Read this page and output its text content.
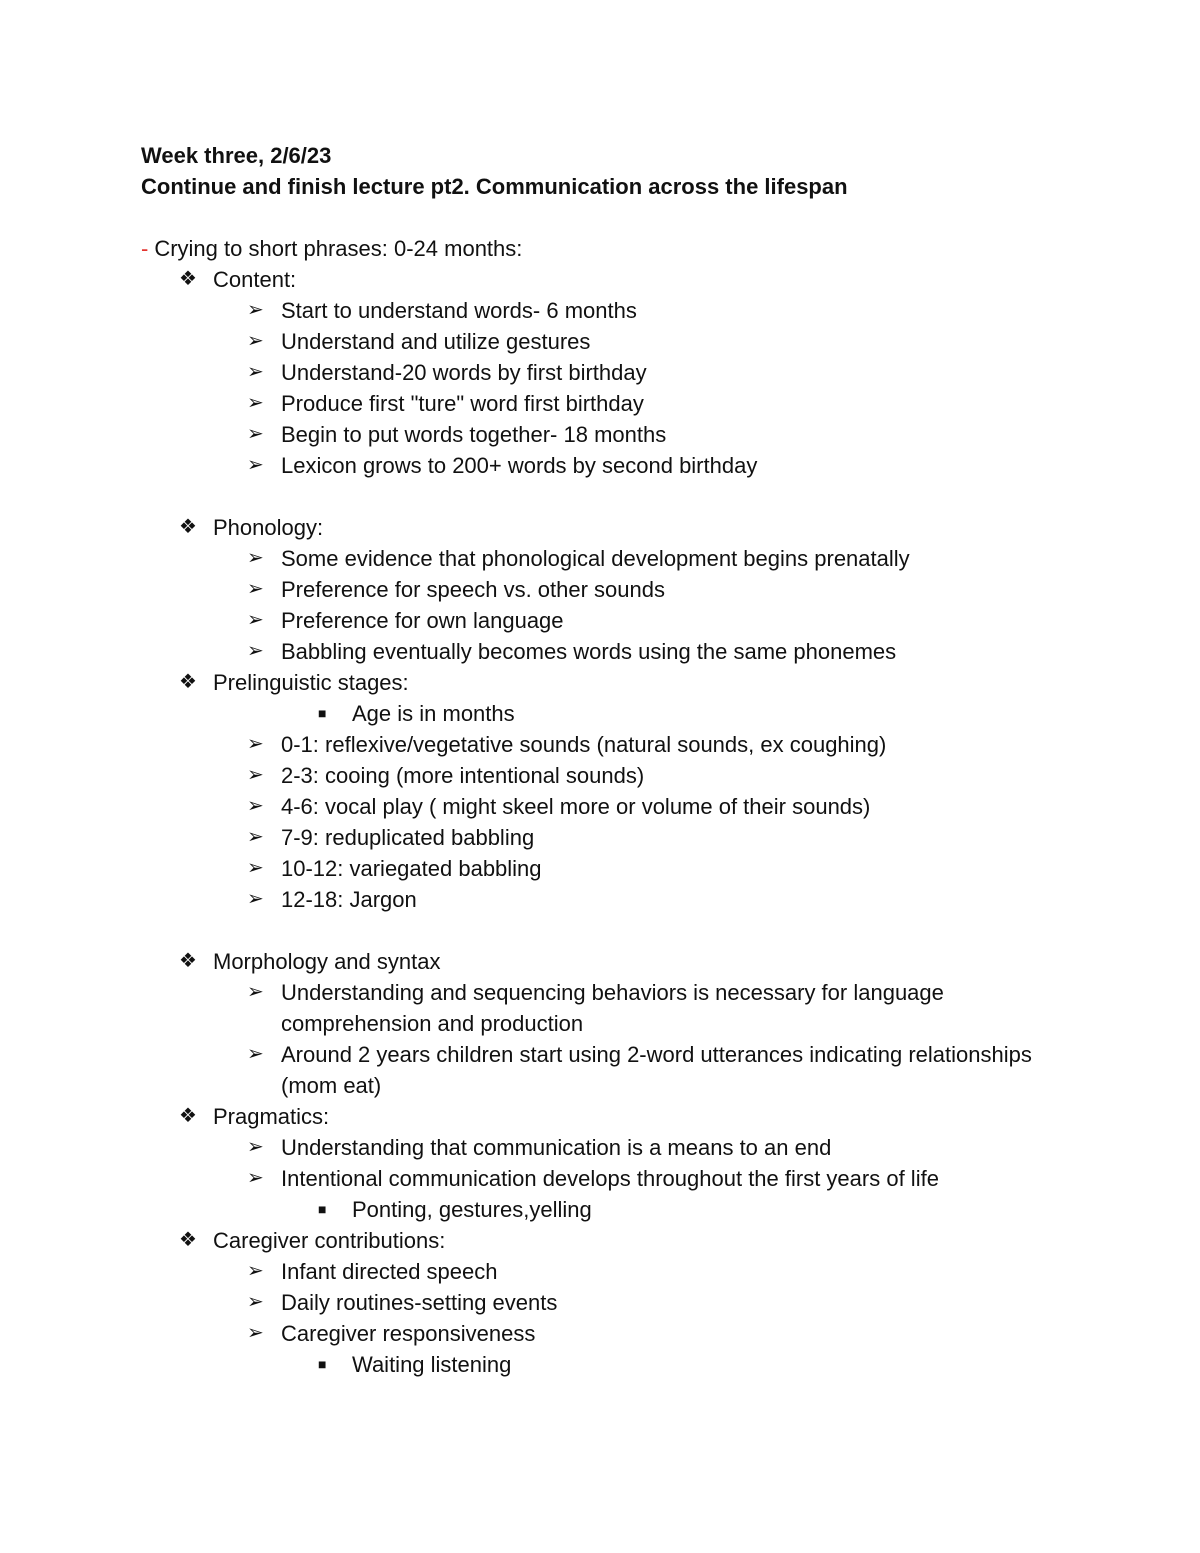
Week three, 2/6/23
Continue and finish lecture pt2. Communication across the lifespan
- Crying to short phrases: 0-24 months:
❖ Content:
➢ Start to understand words- 6 months
➢ Understand and utilize gestures
➢ Understand-20 words by first birthday
➢ Produce first "ture" word first birthday
➢ Begin to put words together- 18 months
➢ Lexicon grows to 200+ words by second birthday
❖ Phonology:
➢ Some evidence that phonological development begins prenatally
➢ Preference for speech vs. other sounds
➢ Preference for own language
➢ Babbling eventually becomes words using the same phonemes
❖ Prelinguistic stages:
■	Age is in months
➢ 0-1: reflexive/vegetative sounds (natural sounds, ex coughing)
➢ 2-3: cooing (more intentional sounds)
➢ 4-6: vocal play ( might skeel more or volume of their sounds)
➢ 7-9: reduplicated babbling
➢ 10-12: variegated babbling
➢ 12-18: Jargon
❖ Morphology and syntax
➢ Understanding and sequencing behaviors is necessary for language comprehension and production
➢ Around 2 years children start using 2-word utterances indicating relationships (mom eat)
❖ Pragmatics:
➢ Understanding that communication is a means to an end
➢ Intentional communication develops throughout the first years of life
■	Ponting, gestures,yelling
❖ Caregiver contributions:
➢ Infant directed speech
➢ Daily routines-setting events
➢ Caregiver responsiveness
■	Waiting listening
